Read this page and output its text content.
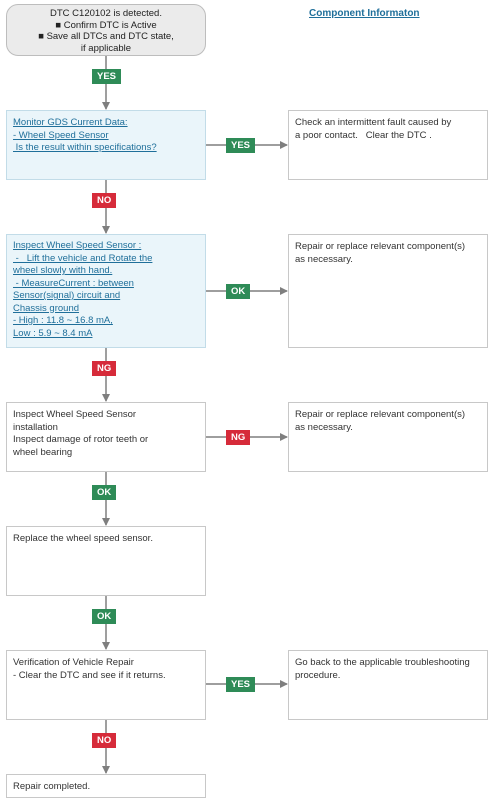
DTC C120102 is detected.
■ Confirm DTC is Active
■ Save all DTCs and DTC state,
if applicable
Component Informaton
Monitor GDS Current Data:
- Wheel Speed Sensor
Is the result within specifications?
Inspect Wheel Speed Sensor :
-   Lift the vehicle and Rotate the
wheel slowly with hand.
- MeasureCurrent : between
Sensor(signal) circuit and
Chassis ground
- High : 11.8 ~ 16.8 mA,
Low : 5.9 ~ 8.4 mA
Inspect Wheel Speed Sensor
installation
Inspect damage of rotor teeth or
wheel bearing
Replace the wheel speed sensor.
Verification of Vehicle Repair
- Clear the DTC and see if it returns.
Repair completed.
Check an intermittent fault caused by
a poor contact.   Clear the DTC .
Repair or replace relevant component(s)
as necessary.
Repair or replace relevant component(s)
as necessary.
Go back to the applicable troubleshooting
procedure.
YES
YES
NO
OK
NG
NG
OK
OK
YES
NO
